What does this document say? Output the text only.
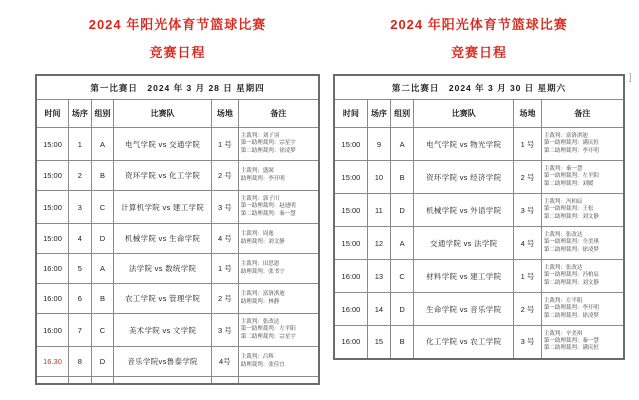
2024 年阳光体育节篮球比赛
竞赛日程
第一比赛日　2024 年 3 月 28 日 星期四					
时间	场序	组别	比赛队	场地	备注
15:00	1	A	电气学院 vs 交通学院	1 号	主裁判：刘子羽
第一助理裁判：宗星宇
第二助理裁判：徐凌梦

15:00	2	B	资环学院 vs 化工学院	2 号	主裁判：盛囡
助理裁判：李开明

15:00	3	C	计算机学院 vs 建工学院	3 号	主裁判：郭子川
第一助理裁判：赵迪明
第二助理裁判：秦一慧

15:00	4	D	机械学院 vs 生命学院	4 号	主裁判：周逸
助理裁判：刘文静

16:00	5	A	法学院 vs 数统学院	1 号	主裁判：田思恩
助理裁判：张书宁

16:00	6	B	农工学院 vs 管理学院	2 号	主裁判：富洛淇迪
助理裁判：林静

16:00	7	C	美术学院 vs 文学院	3 号	主裁判：张改达
第一助理裁判：左平阳
第二助理裁判：宗星宇

16.30	8	D	音乐学院vs鲁泰学院	4号	主裁判：吕辉
助理裁判：张佳宜

2024 年阳光体育节篮球比赛
竞赛日程
第二比赛日　2024 年 3 月 30 日 星期六					
时间	场序	组别	比赛队	场地	备注
15:00	9	A	电气学院 vs 物光学院	1 号	主裁判：富洛淇迪
第一助理裁判：满庆恒
第二助理裁判：李开明

15:00	10	B	资环学院 vs 经济学院	2 号	主裁判：秦一慧
第一助理裁判：左平阳
第二助理裁判：刘媛

15:00	11	D	机械学院 vs 外语学院	3 号	主裁判：冯柏辰
第一助理裁判：王松
第二助理裁判：刘文静

15:00	12	A	交通学院 vs 法学院	4 号	主裁判：张改达
第一助理裁判：全美琪
第二助理裁判：徐凌梦

16:00	13	C	材料学院 vs 建工学院	1 号	主裁判：张改达
第一助理裁判：冯柏辰
第二助理裁判：刘文静

16:00	14	D	生命学院 vs 音乐学院	2 号	主裁判：左平阳
第一助理裁判：李开明
第二助理裁判：徐凌梦

16:00	15	B	化工学院 vs 农工学院	3 号	主裁判：辛美琪
第一助理裁判：秦一慧
第二助理裁判：满庆恒
]
